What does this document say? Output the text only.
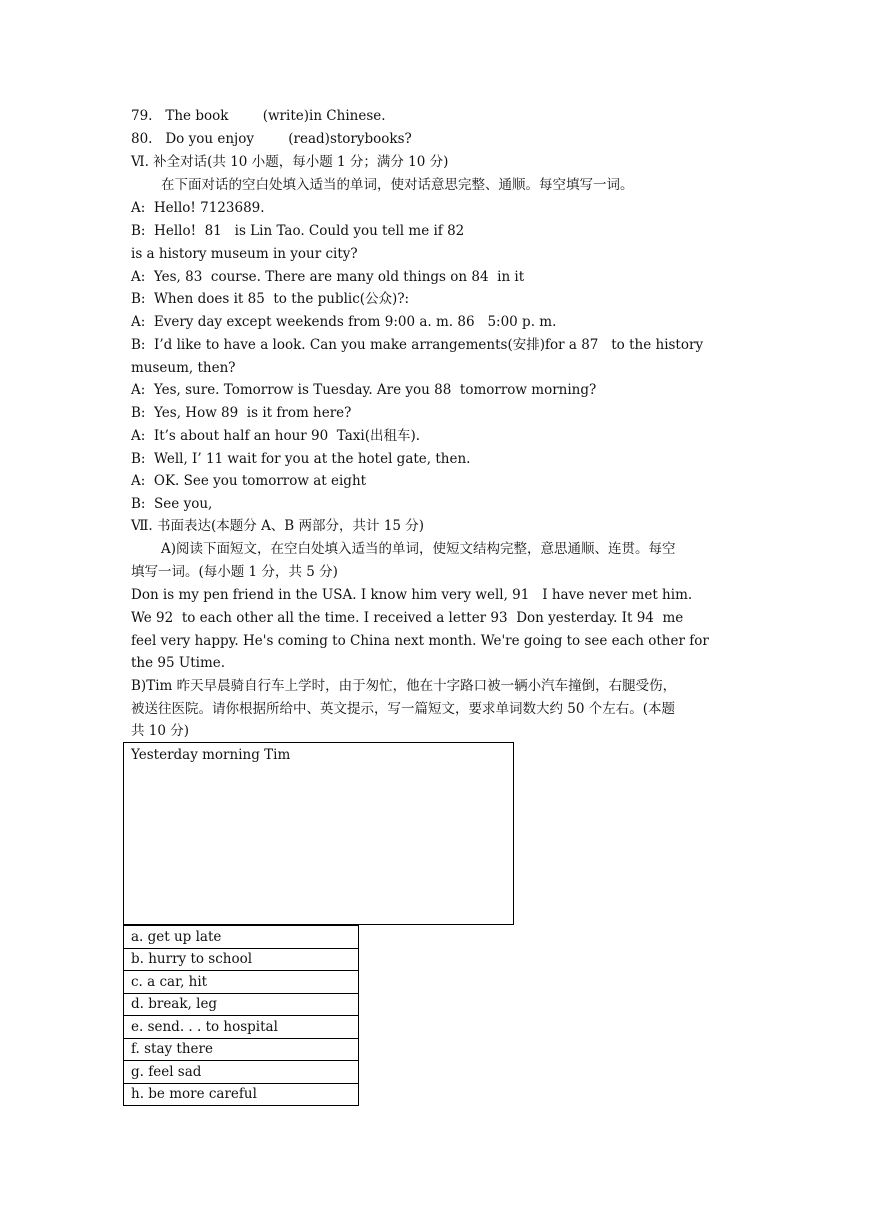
79.   The book        (write)in Chinese.
80.   Do you enjoy        (read)storybooks?
Ⅵ. 补全对话(共 10 小题，每小题 1 分；满分 10 分)
在下面对话的空白处填入适当的单词，使对话意思完整、通顺。每空填写一词。
A:  Hello! 7123689.
B:  Hello!  81   is Lin Tao. Could you tell me if 82
is a history museum in your city?
A:  Yes, 83  course. There are many old things on 84  in it
B:  When does it 85  to the public(公众)?:
A:  Every day except weekends from 9:00 a. m. 86   5:00 p. m.
B:  I’d like to have a look. Can you make arrangements(安排)for a 87   to the history
museum, then?
A:  Yes, sure. Tomorrow is Tuesday. Are you 88  tomorrow morning?
B:  Yes, How 89  is it from here?
A:  It’s about half an hour 90  Taxi(出租车).
B:  Well, I’ 11 wait for you at the hotel gate, then.
A:  OK. See you tomorrow at eight
B:  See you,
Ⅶ. 书面表达(本题分 A、B 两部分，共计 15 分)
A)阅读下面短文，在空白处填入适当的单词，使短文结构完整，意思通顺、连贯。每空
填写一词。(每小题 1 分，共 5 分)
Don is my pen friend in the USA. I know him very well, 91   I have never met him.
We 92  to each other all the time. I received a letter 93  Don yesterday. It 94  me
feel very happy. He's coming to China next month. We're going to see each other for
the 95 Utime.
B)Tim 昨天早晨骑自行车上学时，由于匆忙，他在十字路口被一辆小汽车撞倒，右腿受伤，
被送往医院。请你根据所给中、英文提示，写一篇短文，要求单词数大约 50 个左右。(本题
共 10 分)
Yesterday morning Tim
a. get up late
b. hurry to school
c. a car, hit
d. break, leg
e. send. . . to hospital
f. stay there
g. feel sad
h. be more careful
